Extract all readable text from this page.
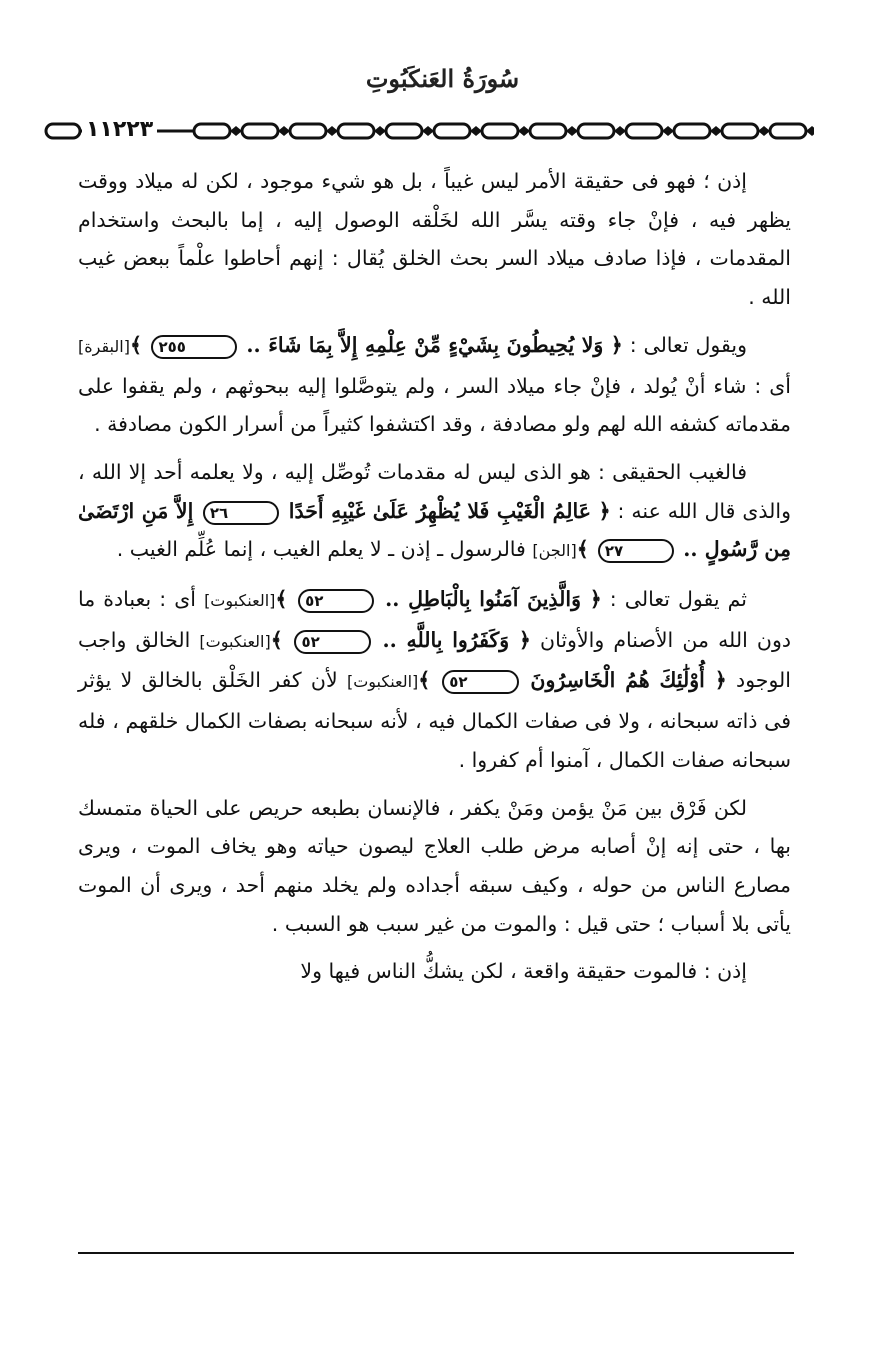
سُورَةُ العَنكَبُوتِ
١١٢٢٣

إذن ؛ فهو فى حقيقة الأمر ليس غيباً ، بل هو شيء موجود ، لكن له ميلاد ووقت يظهر فيه ، فإنْ جاء وقته يسَّر الله لخَلْقه الوصول إليه ، إما بالبحث واستخدام المقدمات ، فإذا صادف ميلاد السر بحث الخلق يُقال : إنهم أحاطوا علْماً ببعض غيب الله .

ويقول تعالى : ﴿ وَلا يُحِيطُونَ بِشَيْءٍ مِّنْ عِلْمِهِ إِلاَّ بِمَا شَاءَ .. ٢٥٥ ﴾[البقرة] أى : شاء أنْ يُولد ، فإنْ جاء ميلاد السر ، ولم يتوصَّلوا إليه ببحوثهم ، ولم يقفوا على مقدماته كشفه الله لهم ولو مصادفة ، وقد اكتشفوا كثيراً من أسرار الكون مصادفة .

فالغيب الحقيقى : هو الذى ليس له مقدمات تُوصِّل إليه ، ولا يعلمه أحد إلا الله ، والذى قال الله عنه : ﴿ عَالِمُ الْغَيْبِ فَلا يُظْهِرُ عَلَىٰ غَيْبِهِ أَحَدًا ٢٦ إِلاَّ مَنِ ارْتَضَىٰ مِن رَّسُولٍ .. ٢٧ ﴾[الجن] فالرسول ـ إذن ـ لا يعلم الغيب ، إنما عُلِّم الغيب .

ثم يقول تعالى : ﴿ وَالَّذِينَ آمَنُوا بِالْبَاطِلِ .. ٥٢ ﴾[العنكبوت] أى : بعبادة ما دون الله من الأصنام والأوثان ﴿ وَكَفَرُوا بِاللَّهِ .. ٥٢ ﴾[العنكبوت] الخالق واجب الوجود ﴿ أُوْلَٰئِكَ هُمُ الْخَاسِرُونَ ٥٢ ﴾[العنكبوت] لأن كفر الخَلْق بالخالق لا يؤثر فى ذاته سبحانه ، ولا فى صفات الكمال فيه ، لأنه سبحانه بصفات الكمال خلقهم ، فله سبحانه صفات الكمال ، آمنوا أم كفروا .

لكن فَرْق بين مَنْ يؤمن ومَنْ يكفر ، فالإنسان بطبعه حريص على الحياة متمسك بها ، حتى إنه إنْ أصابه مرض طلب العلاج ليصون حياته وهو يخاف الموت ، ويرى مصارع الناس من حوله ، وكيف سبقه أجداده ولم يخلد منهم أحد ، ويرى أن الموت يأتى بلا أسباب ؛ حتى قيل : والموت من غير سبب هو السبب .

إذن : فالموت حقيقة واقعة ، لكن يشكُّ الناس فيها ولا
